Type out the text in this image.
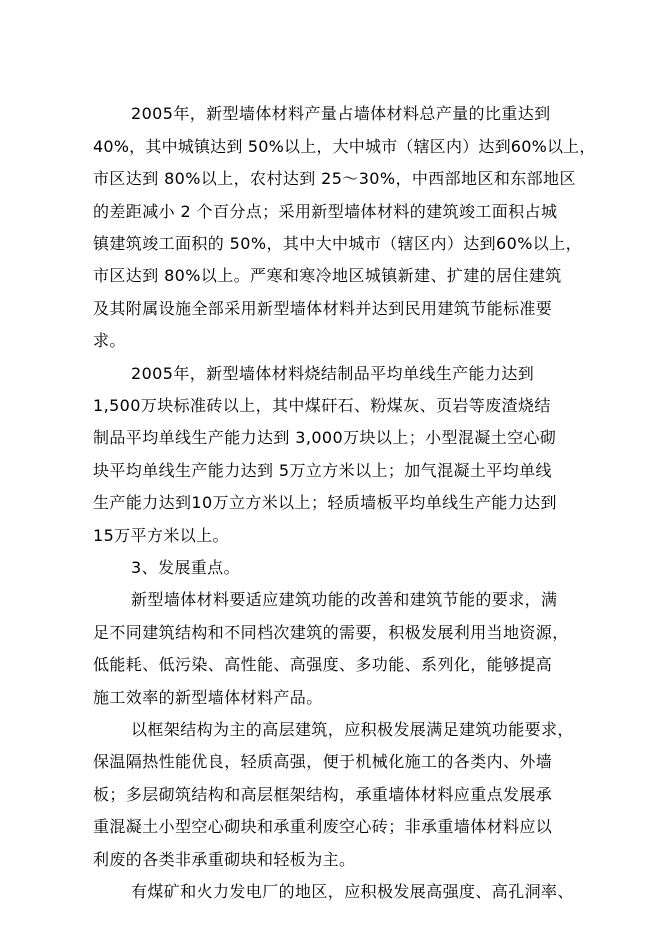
2005年，新型墙体材料产量占墙体材料总产量的比重达到
40%，其中城镇达到 50%以上，大中城市（辖区内）达到60%以上，
市区达到 80%以上，农村达到 25～30%，中西部地区和东部地区
的差距减小 2 个百分点；采用新型墙体材料的建筑竣工面积占城
镇建筑竣工面积的 50%，其中大中城市（辖区内）达到60%以上，
市区达到 80%以上。严寒和寒冷地区城镇新建、扩建的居住建筑
及其附属设施全部采用新型墙体材料并达到民用建筑节能标准要
求。
2005年，新型墙体材料烧结制品平均单线生产能力达到
1,500万块标准砖以上，其中煤矸石、粉煤灰、页岩等废渣烧结
制品平均单线生产能力达到 3,000万块以上；小型混凝土空心砌
块平均单线生产能力达到 5万立方米以上；加气混凝土平均单线
生产能力达到10万立方米以上；轻质墙板平均单线生产能力达到
15万平方米以上。
3、发展重点。
新型墙体材料要适应建筑功能的改善和建筑节能的要求，满
足不同建筑结构和不同档次建筑的需要，积极发展利用当地资源，
低能耗、低污染、高性能、高强度、多功能、系列化，能够提高
施工效率的新型墙体材料产品。
以框架结构为主的高层建筑，应积极发展满足建筑功能要求，
保温隔热性能优良，轻质高强，便于机械化施工的各类内、外墙
板；多层砌筑结构和高层框架结构，承重墙体材料应重点发展承
重混凝土小型空心砌块和承重利废空心砖；非承重墙体材料应以
利废的各类非承重砌块和轻板为主。
有煤矿和火力发电厂的地区，应积极发展高强度、高孔洞率、
